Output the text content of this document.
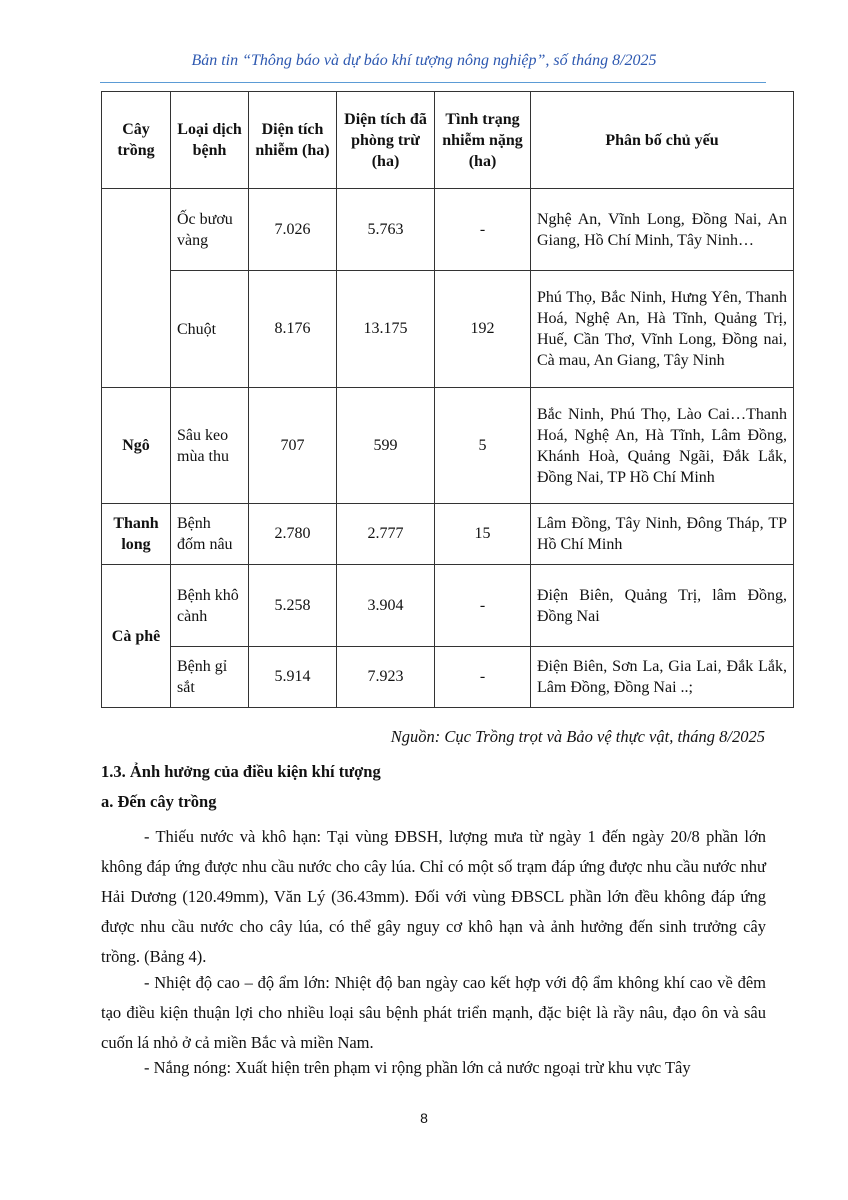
Bản tin “Thông báo và dự báo khí tượng nông nghiệp”, số tháng 8/2025
Cây trồng	Loại dịch bệnh	Diện tích nhiễm (ha)	Diện tích đã phòng trừ (ha)	Tình trạng nhiễm nặng (ha)	Phân bố chủ yếu
	Ốc bươu vàng	7.026	5.763	-	Nghệ An, Vĩnh Long, Đồng Nai, An Giang, Hồ Chí Minh, Tây Ninh…
	Chuột	8.176	13.175	192	Phú Thọ, Bắc Ninh, Hưng Yên, Thanh Hoá, Nghệ An, Hà Tĩnh, Quảng Trị, Huế, Cần Thơ, Vĩnh Long, Đồng nai, Cà mau, An Giang, Tây Ninh
Ngô	Sâu keo mùa thu	707	599	5	Bắc Ninh, Phú Thọ, Lào Cai…Thanh Hoá, Nghệ An, Hà Tĩnh, Lâm Đồng, Khánh Hoà, Quảng Ngãi, Đắk Lắk, Đồng Nai, TP Hồ Chí Minh
Thanh long	Bệnh đốm nâu	2.780	2.777	15	Lâm Đồng, Tây Ninh, Đông Tháp, TP Hồ Chí Minh
Cà phê	Bệnh khô cành	5.258	3.904	-	Điện Biên, Quảng Trị, lâm Đồng, Đồng Nai
	Bệnh gỉ sắt	5.914	7.923	-	Điện Biên, Sơn La, Gia Lai, Đắk Lắk, Lâm Đồng, Đồng Nai ..;
Nguồn: Cục Trồng trọt và Bảo vệ thực vật, tháng 8/2025
1.3. Ảnh hưởng của điều kiện khí tượng
a. Đến cây trồng

- Thiếu nước và khô hạn: Tại vùng ĐBSH, lượng mưa từ ngày 1 đến ngày 20/8 phần lớn không đáp ứng được nhu cầu nước cho cây lúa. Chỉ có một số trạm đáp ứng được nhu cầu nước như Hải Dương (120.49mm), Văn Lý (36.43mm). Đối với vùng ĐBSCL phần lớn đều không đáp ứng được nhu cầu nước cho cây lúa, có thể gây nguy cơ khô hạn và ảnh hưởng đến sinh trưởng cây trồng. (Bảng 4).

- Nhiệt độ cao – độ ẩm lớn: Nhiệt độ ban ngày cao kết hợp với độ ẩm không khí cao về đêm tạo điều kiện thuận lợi cho nhiều loại sâu bệnh phát triển mạnh, đặc biệt là rầy nâu, đạo ôn và sâu cuốn lá nhỏ ở cả miền Bắc và miền Nam.

- Nắng nóng: Xuất hiện trên phạm vi rộng phần lớn cả nước ngoại trừ khu vực Tây

8
